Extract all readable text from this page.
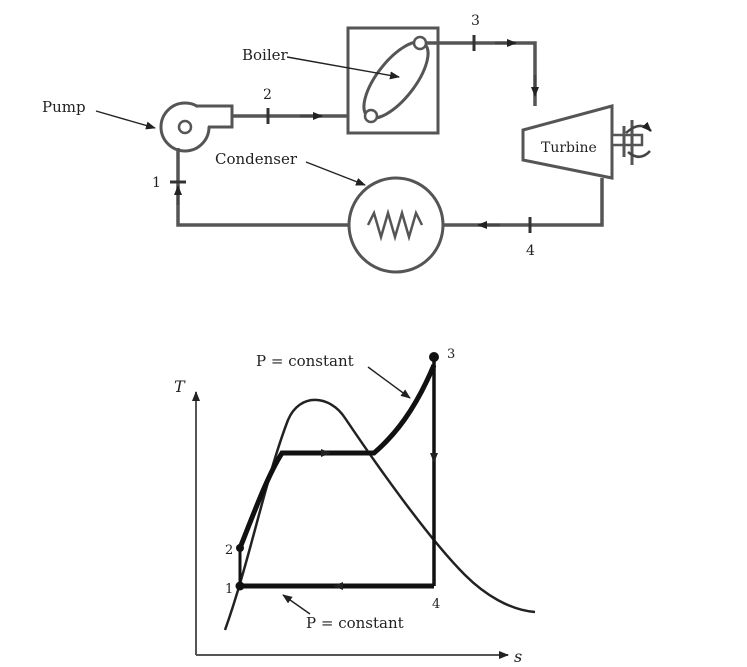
Pump
Boiler
Condenser
Turbine
1
2
3
4
T
s
P = constant
P = constant
1
2
3
4
